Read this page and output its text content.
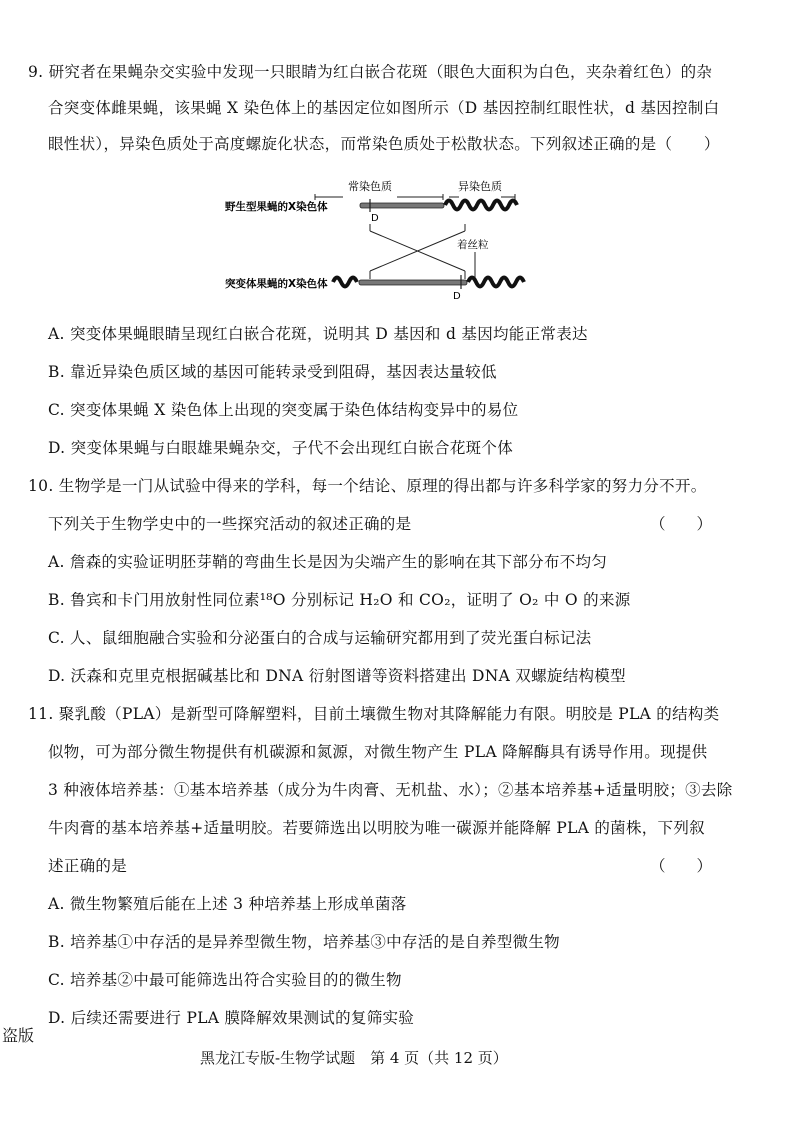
9. 研究者在果蝇杂交实验中发现一只眼睛为红白嵌合花斑（眼色大面积为白色，夹杂着红色）的杂
合突变体雌果蝇，该果蝇 X 染色体上的基因定位如图所示（D 基因控制红眼性状，d 基因控制白
眼性状），异染色质处于高度螺旋化状态，而常染色质处于松散状态。下列叙述正确的是（　　）
常染色质	异染色质
野生型果蝇的X染色体
D
着丝粒
突变体果蝇的X染色体
D
A. 突变体果蝇眼睛呈现红白嵌合花斑，说明其 D 基因和 d 基因均能正常表达
B. 靠近异染色质区域的基因可能转录受到阻碍，基因表达量较低
C. 突变体果蝇 X 染色体上出现的突变属于染色体结构变异中的易位
D. 突变体果蝇与白眼雄果蝇杂交，子代不会出现红白嵌合花斑个体
10. 生物学是一门从试验中得来的学科，每一个结论、原理的得出都与许多科学家的努力分不开。
下列关于生物学史中的一些探究活动的叙述正确的是	（　　）
A. 詹森的实验证明胚芽鞘的弯曲生长是因为尖端产生的影响在其下部分布不均匀
B. 鲁宾和卡门用放射性同位素¹⁸O 分别标记 H₂O 和 CO₂，证明了 O₂ 中 O 的来源
C. 人、鼠细胞融合实验和分泌蛋白的合成与运输研究都用到了荧光蛋白标记法
D. 沃森和克里克根据碱基比和 DNA 衍射图谱等资料搭建出 DNA 双螺旋结构模型
11. 聚乳酸（PLA）是新型可降解塑料，目前土壤微生物对其降解能力有限。明胶是 PLA 的结构类
似物，可为部分微生物提供有机碳源和氮源，对微生物产生 PLA 降解酶具有诱导作用。现提供
3 种液体培养基：①基本培养基（成分为牛肉膏、无机盐、水）；②基本培养基+适量明胶；③去除
牛肉膏的基本培养基+适量明胶。若要筛选出以明胶为唯一碳源并能降解 PLA 的菌株，下列叙
述正确的是	（　　）
A. 微生物繁殖后能在上述 3 种培养基上形成单菌落
B. 培养基①中存活的是异养型微生物，培养基③中存活的是自养型微生物
C. 培养基②中最可能筛选出符合实验目的的微生物
D. 后续还需要进行 PLA 膜降解效果测试的复筛实验
盗版
黑龙江专版-生物学试题　第 4 页（共 12 页）
